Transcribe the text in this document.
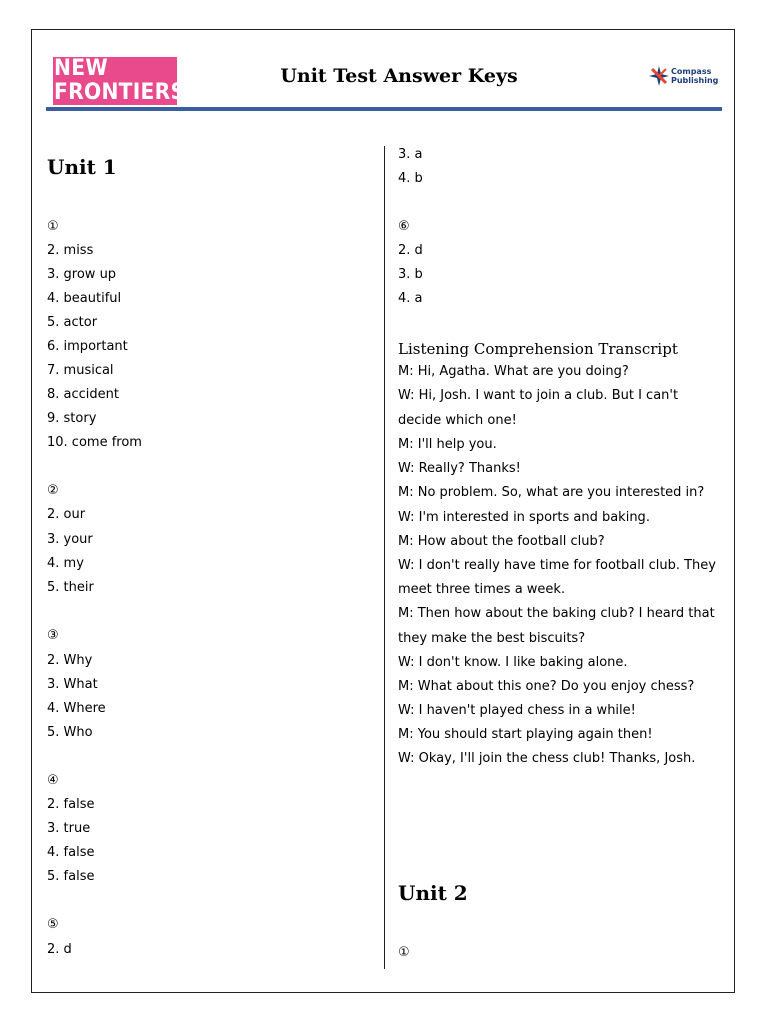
NEW
FRONTIERS
Unit Test Answer Keys	Compass
Publishing
Unit 1
①
2. miss
3. grow up
4. beautiful
5. actor
6. important
7. musical
8. accident
9. story
10. come from
②
2. our
3. your
4. my
5. their
③
2. Why
3. What
4. Where
5. Who
④
2. false
3. true
4. false
5. false
⑤
2. d
3. a
4. b
⑥
2. d
3. b
4. a
Listening Comprehension Transcript
M: Hi, Agatha. What are you doing?
W: Hi, Josh. I want to join a club. But I can't
decide which one!
M: I'll help you.
W: Really? Thanks!
M: No problem. So, what are you interested in?
W: I'm interested in sports and baking.
M: How about the football club?
W: I don't really have time for football club. They
meet three times a week.
M: Then how about the baking club? I heard that
they make the best biscuits?
W: I don't know. I like baking alone.
M: What about this one? Do you enjoy chess?
W: I haven't played chess in a while!
M: You should start playing again then!
W: Okay, I'll join the chess club! Thanks, Josh.
Unit 2
①
